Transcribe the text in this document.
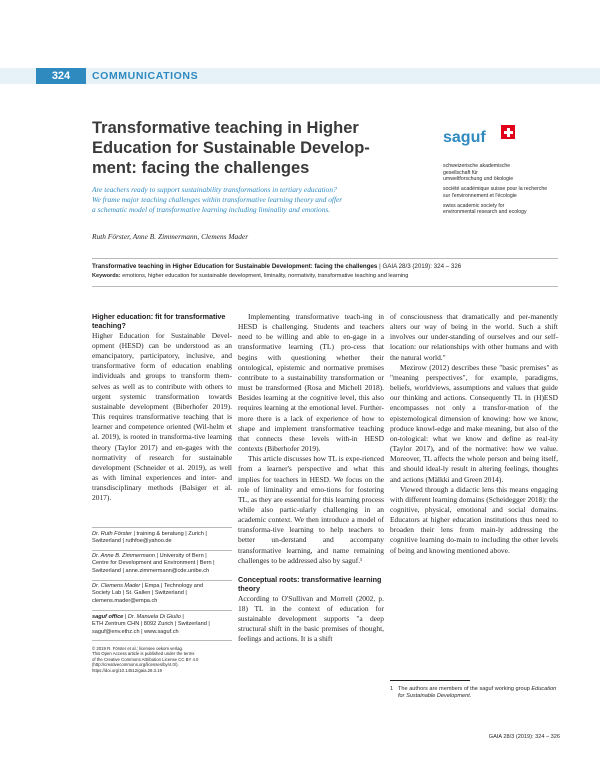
324	COMMUNICATIONS
Transformative teaching in Higher
Education for Sustainable Develop-
ment: facing the challenges
Are teachers ready to support sustainability transformations in tertiary education?
We frame major teaching challenges within transformative learning theory and offer
a schematic model of transformative learning including liminality and emotions.
Ruth Förster, Anne B. Zimmermann, Clemens Mader
saguf

schweizerische akademische
gesellschaft für
umweltforschung und ökologie

société académique suisse pour la recherche
sur l'environnement et l'écologie

swiss academic society for
environmental research and ecology

Transformative teaching in Higher Education for Sustainable Development: facing the challenges | GAIA 28/3 (2019): 324 – 326
Keywords: emotions, higher education for sustainable development, liminality, normativity, transformative teaching and learning
Higher education: fit for transformative teaching?

Higher Education for Sustainable Devel-opment (HESD) can be understood as an emancipatory, participatory, inclusive, and transformative form of education enabling individuals and groups to transform them-selves as well as to contribute with others to urgent systemic transformation towards sustainable development (Biberhofer 2019). This requires transformative teaching that is learner and competence oriented (Wil-helm et al. 2019), is rooted in transforma-tive learning theory (Taylor 2017) and en-gages with the normativity of research for sustainable development (Schneider et al. 2019), as well as with liminal experiences and inter- and transdisciplinary methods (Balsiger et al. 2017).

Dr. Ruth Förster | training & beratung | Zurich |
Switzerland | ruthfoe@yahoo.de
Dr. Anne B. Zimmermann | University of Bern |
Centre for Development and Environment | Bern |
Switzerland | anne.zimmermann@cde.unibe.ch
Dr. Clemens Mader | Empa | Technology and
Society Lab | St. Gallen | Switzerland |
clemens.mader@empa.ch
saguf office | Dr. Manuela Di Giulio |
ETH Zentrum CHN | 8092 Zurich | Switzerland |
saguf@env.ethz.ch | www.saguf.ch
© 2019 R. Förster et al.; licensee oekom verlag.
This Open Access article is published under the terms
of the Creative Commons Attribution License CC BY 4.0
(http://creativecommons.org/licenses/by/4.0/).
https://doi.org/10.14512/gaia.28.3.19

Implementing transformative teach-ing in HESD is challenging. Students and teachers need to be willing and able to en-gage in a transformative learning (TL) pro-cess that begins with questioning whether their ontological, epistemic and normative premises contribute to a sustainability transformation or must be transformed (Rosa and Michell 2018). Besides learning at the cognitive level, this also requires learning at the emotional level. Further-more there is a lack of experience of how to shape and implement transformative teaching that connects these levels with-in HESD contexts (Biberhofer 2019).

This article discusses how TL is expe-rienced from a learner's perspective and what this implies for teachers in HESD. We focus on the role of liminality and emo-tions for fostering TL, as they are essential for this learning process while also partic-ularly challenging in an academic context. We then introduce a model of transforma-tive learning to help teachers to better un-derstand and accompany transformative learning, and name remaining challenges to be addressed also by saguf.¹

Conceptual roots: transformative learning theory

According to O'Sullivan and Morrell (2002, p. 18) TL in the context of education for sustainable development supports "a deep structural shift in the basic premises of thought, feelings and actions. It is a shift

of consciousness that dramatically and per-manently alters our way of being in the world. Such a shift involves our under-standing of ourselves and our self-location: our relationships with other humans and with the natural world."

Mezirow (2012) describes these "basic premises" as "meaning perspectives", for example, paradigms, beliefs, worldviews, assumptions and values that guide our thinking and actions. Consequently TL in (H)ESD encompasses not only a transfor-mation of the epistemological dimension of knowing: how we know, produce knowl-edge and make meaning, but also of the on-tological: what we know and define as real-ity (Taylor 2017), and of the normative: how we value. Moreover, TL affects the whole person and being itself, and should ideal-ly result in altering feelings, thoughts and actions (Mälkki and Green 2014).

Viewed through a didactic lens this means engaging with different learning domains (Scheidegger 2018): the cognitive, physical, emotional and social domains. Educators at higher education institutions thus need to broaden their lens from main-ly addressing the cognitive learning do-main to including the other levels of being and knowing mentioned above.

1 The authors are members of the saguf working group Education for Sustainable Development.
GAIA 28/3 (2019): 324 – 326
